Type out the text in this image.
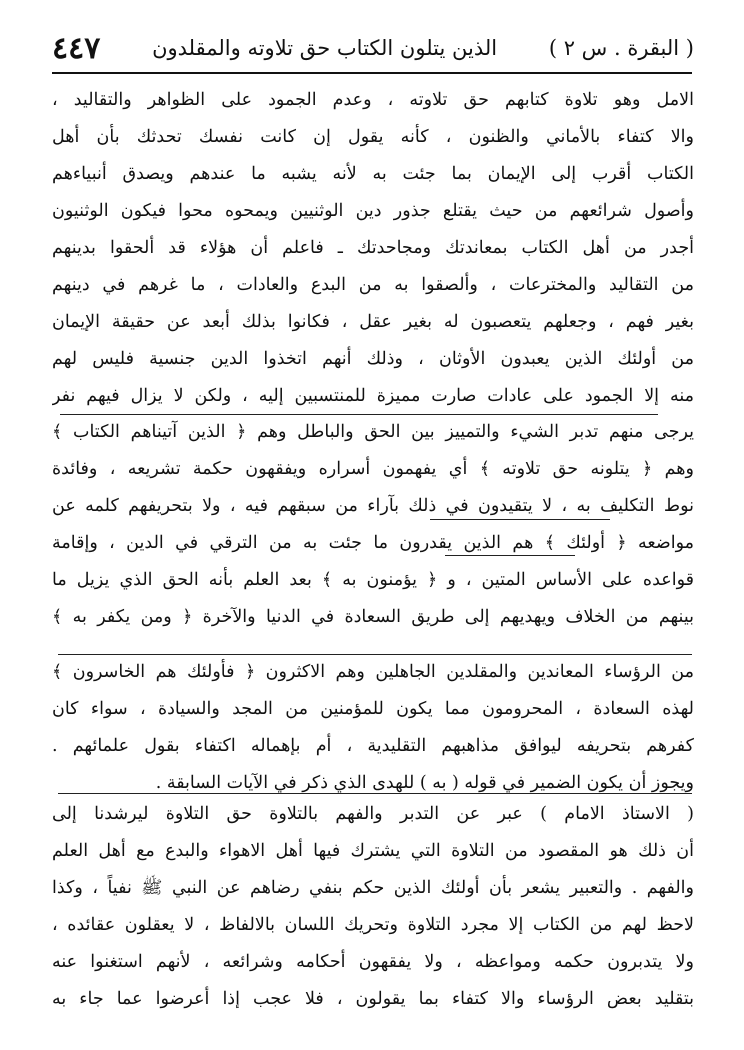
( البقرة . س ٢ )
الذين يتلون الكتاب حق تلاوته والمقلدون
٤٤٧
الامل وهو تلاوة كتابهم حق تلاوته ، وعدم الجمود على الظواهر والتقاليد ،
والا كتفاء بالأماني والظنون ، كأنه يقول إن كانت نفسك تحدثك بأن أهل
الكتاب أقرب إلى الإيمان بما جئت به لأنه يشبه ما عندهم ويصدق أنبياءهم
وأصول شرائعهم من حيث يقتلع جذور دين الوثنيين ويمحوه محوا فيكون الوثنيون
أجدر من أهل الكتاب بمعاندتك ومجاحدتك ـ فاعلم أن هؤلاء قد ألحقوا بدينهم
من التقاليد والمخترعات ، وألصقوا به من البدع والعادات ، ما غرهم في دينهم
بغير فهم ، وجعلهم يتعصبون له بغير عقل ، فكانوا بذلك أبعد عن حقيقة الإيمان
من أولئك الذين يعبدون الأوثان ، وذلك أنهم اتخذوا الدين جنسية فليس لهم
منه إلا الجمود على عادات صارت مميزة للمنتسبين إليه ، ولكن لا يزال فيهم نفر
يرجى منهم تدبر الشيء والتمييز بين الحق والباطل وهم ﴿ الذين آتيناهم الكتاب ﴾
وهم ﴿ يتلونه حق تلاوته ﴾ أي يفهمون أسراره ويفقهون حكمة تشريعه ، وفائدة
نوط التكليف به ، لا يتقيدون في ذلك بآراء من سبقهم فيه ، ولا بتحريفهم كلمه عن
مواضعه ﴿ أولئك ﴾ هم الذين يقدرون ما جئت به من الترقي في الدين ، وإقامة
قواعده على الأساس المتين ، و ﴿ يؤمنون به ﴾ بعد العلم بأنه الحق الذي يزيل ما
بينهم من الخلاف ويهديهم إلى طريق السعادة في الدنيا والآخرة ﴿ ومن يكفر به ﴾
من الرؤساء المعاندين والمقلدين الجاهلين وهم الاكثرون ﴿ فأولئك هم الخاسرون ﴾
لهذه السعادة ، المحرومون مما يكون للمؤمنين من المجد والسيادة ، سواء كان
كفرهم بتحريفه ليوافق مذاهبهم التقليدية ، أم بإهماله اكتفاء بقول علمائهم .
ويجوز أن يكون الضمير في قوله ( به ) للهدى الذي ذكر في الآيات السابقة .
( الاستاذ الامام ) عبر عن التدبر والفهم بالتلاوة حق التلاوة ليرشدنا إلى
أن ذلك هو المقصود من التلاوة التي يشترك فيها أهل الاهواء والبدع مع أهل العلم
والفهم . والتعبير يشعر بأن أولئك الذين حكم بنفي رضاهم عن النبي ﷺ نفياً ، وكذا
لاحظ لهم من الكتاب إلا مجرد التلاوة وتحريك اللسان بالالفاظ ، لا يعقلون عقائده ،
ولا يتدبرون حكمه ومواعظه ، ولا يفقهون أحكامه وشرائعه ، لأنهم استغنوا عنه
بتقليد بعض الرؤساء والا كتفاء بما يقولون ، فلا عجب إذا أعرضوا عما جاء به
